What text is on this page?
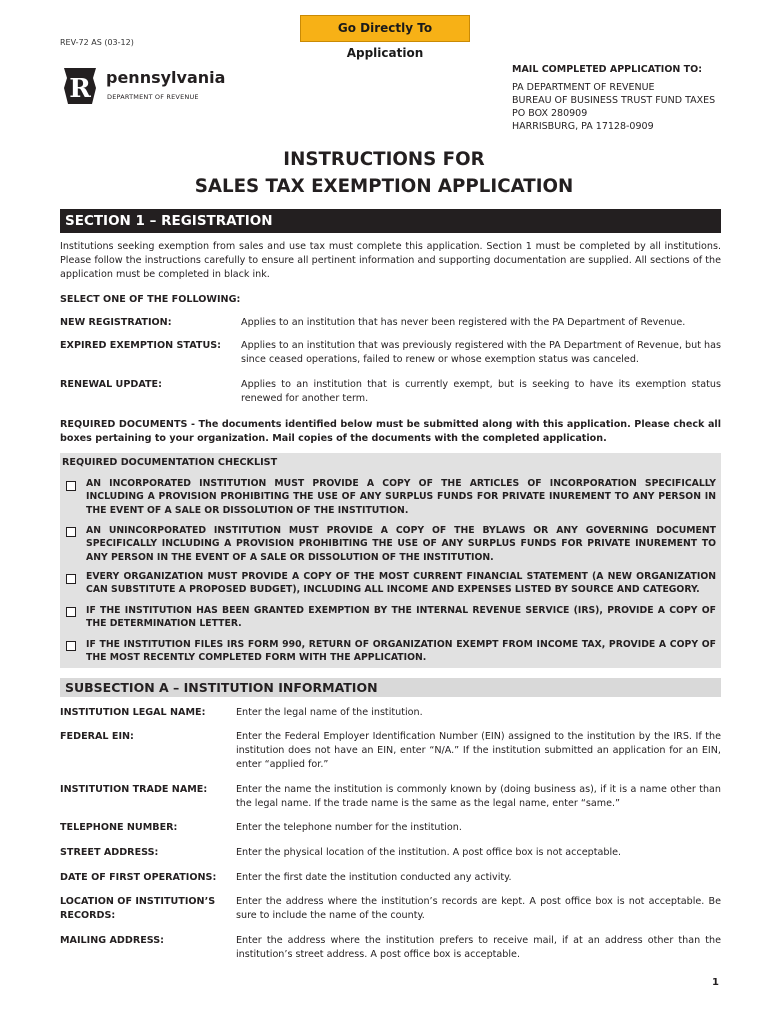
Go Directly To Application
REV-72 AS (03-12)
R pennsylvania
DEPARTMENT OF REVENUE
MAIL COMPLETED APPLICATION TO:
PA DEPARTMENT OF REVENUE
BUREAU OF BUSINESS TRUST FUND TAXES
PO BOX 280909
HARRISBURG, PA 17128-0909
INSTRUCTIONS FOR
SALES TAX EXEMPTION APPLICATION
SECTION 1 – REGISTRATION
Institutions seeking exemption from sales and use tax must complete this application. Section 1 must be completed by all institutions. Please follow the instructions carefully to ensure all pertinent information and supporting documentation are supplied. All sections of the application must be completed in black ink.
SELECT ONE OF THE FOLLOWING:
NEW REGISTRATION:	Applies to an institution that has never been registered with the PA Department of Revenue.
EXPIRED EXEMPTION STATUS: Applies to an institution that was previously registered with the PA Department of Revenue, but has since ceased operations, failed to renew or whose exemption status was canceled.
RENEWAL UPDATE:	Applies to an institution that is currently exempt, but is seeking to have its exemption status renewed for another term.
REQUIRED DOCUMENTS - The documents identified below must be submitted along with this application. Please check all boxes pertaining to your organization. Mail copies of the documents with the completed application.
REQUIRED DOCUMENTATION CHECKLIST
AN INCORPORATED INSTITUTION MUST PROVIDE A COPY OF THE ARTICLES OF INCORPORATION SPECIFICALLY INCLUDING A PROVISION PROHIBITING THE USE OF ANY SURPLUS FUNDS FOR PRIVATE INUREMENT TO ANY PERSON IN THE EVENT OF A SALE OR DISSOLUTION OF THE INSTITUTION.
AN UNINCORPORATED INSTITUTION MUST PROVIDE A COPY OF THE BYLAWS OR ANY GOVERNING DOCUMENT SPECIFICALLY INCLUDING A PROVISION PROHIBITING THE USE OF ANY SURPLUS FUNDS FOR PRIVATE INUREMENT TO ANY PERSON IN THE EVENT OF A SALE OR DISSOLUTION OF THE INSTITUTION.
EVERY ORGANIZATION MUST PROVIDE A COPY OF THE MOST CURRENT FINANCIAL STATEMENT (A NEW ORGANIZATION CAN SUBSTITUTE A PROPOSED BUDGET), INCLUDING ALL INCOME AND EXPENSES LISTED BY SOURCE AND CATEGORY.
IF THE INSTITUTION HAS BEEN GRANTED EXEMPTION BY THE INTERNAL REVENUE SERVICE (IRS), PROVIDE A COPY OF THE DETERMINATION LETTER.
IF THE INSTITUTION FILES IRS FORM 990, RETURN OF ORGANIZATION EXEMPT FROM INCOME TAX, PROVIDE A COPY OF THE MOST RECENTLY COMPLETED FORM WITH THE APPLICATION.
SUBSECTION A – INSTITUTION INFORMATION
INSTITUTION LEGAL NAME:	Enter the legal name of the institution.
FEDERAL EIN:	Enter the Federal Employer Identification Number (EIN) assigned to the institution by the IRS. If the institution does not have an EIN, enter “N/A.” If the institution submitted an application for an EIN, enter “applied for.”
INSTITUTION TRADE NAME:	Enter the name the institution is commonly known by (doing business as), if it is a name other than the legal name. If the trade name is the same as the legal name, enter “same.”
TELEPHONE NUMBER:	Enter the telephone number for the institution.
STREET ADDRESS:	Enter the physical location of the institution. A post office box is not acceptable.
DATE OF FIRST OPERATIONS:	Enter the first date the institution conducted any activity.
LOCATION OF INSTITUTION’S RECORDS:
Enter the address where the institution’s records are kept. A post office box is not acceptable. Be sure to include the name of the county.
MAILING ADDRESS:	Enter the address where the institution prefers to receive mail, if at an address other than the institution’s street address. A post office box is acceptable.
1
